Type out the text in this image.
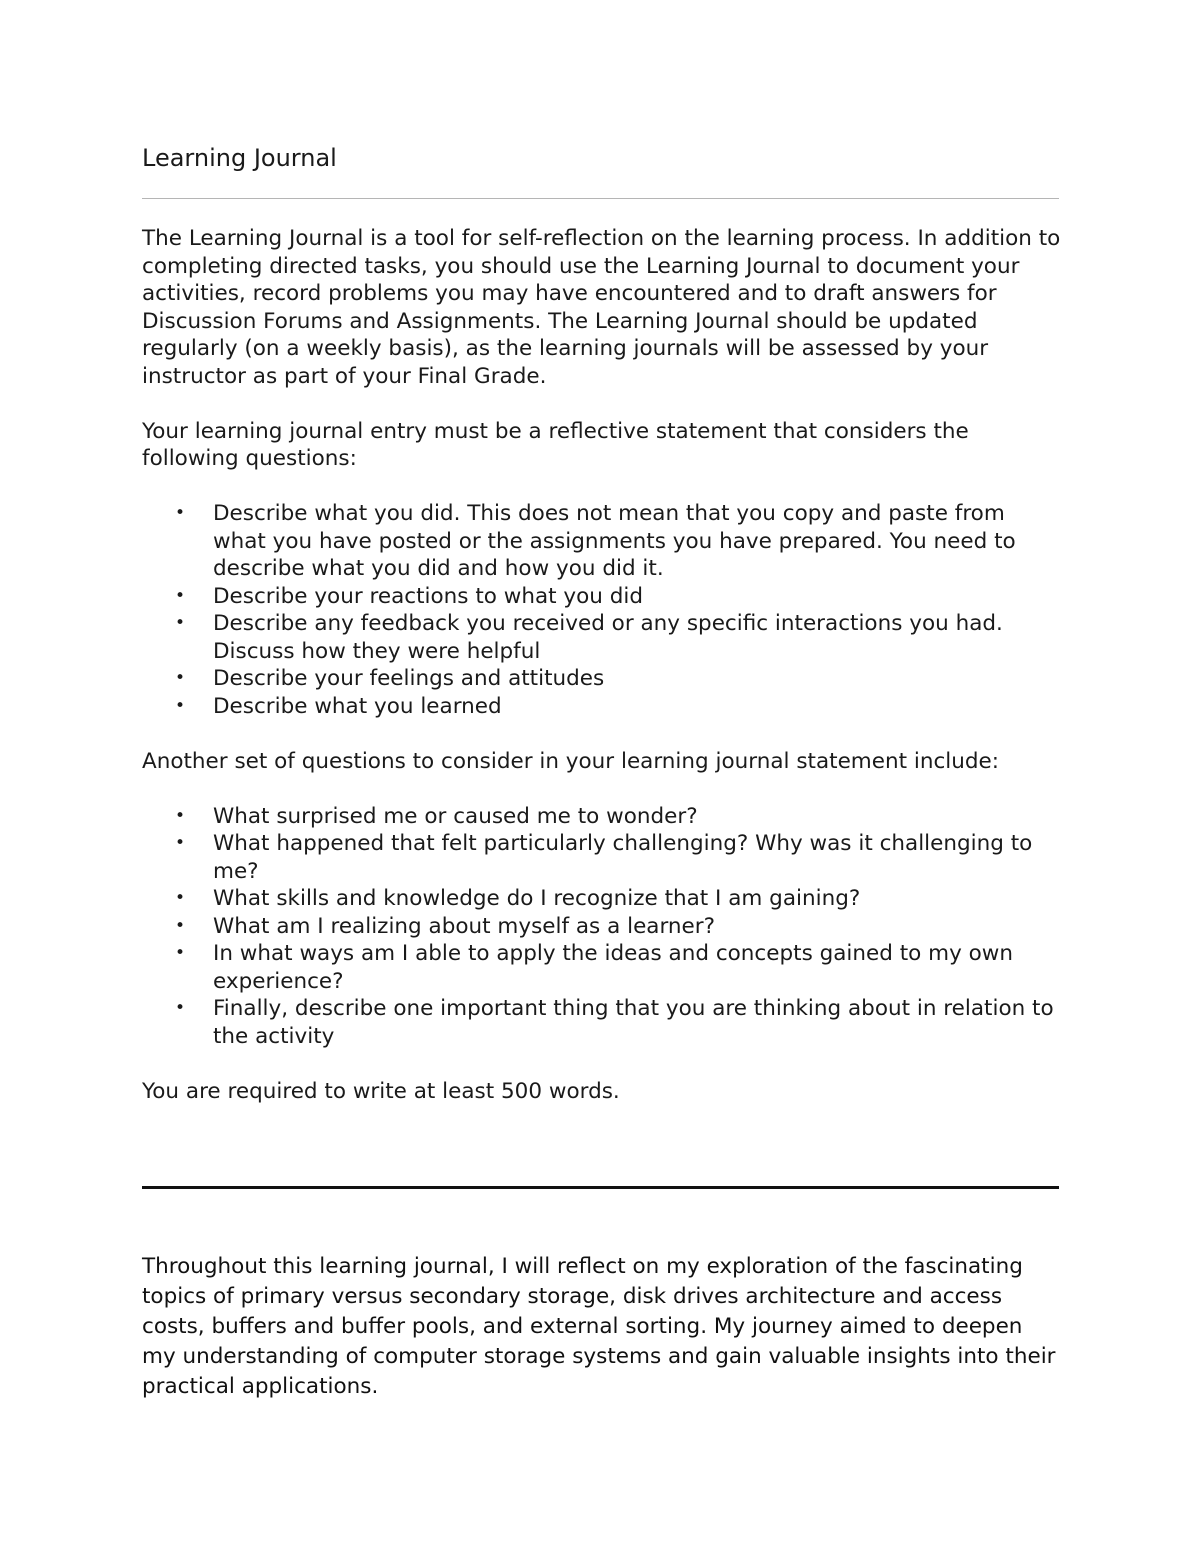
Learning Journal

The Learning Journal is a tool for self-reflection on the learning process. In addition to completing directed tasks, you should use the Learning Journal to document your activities, record problems you may have encountered and to draft answers for Discussion Forums and Assignments. The Learning Journal should be updated regularly (on a weekly basis), as the learning journals will be assessed by your instructor as part of your Final Grade.

Your learning journal entry must be a reflective statement that considers the following questions:

• Describe what you did. This does not mean that you copy and paste from what you have posted or the assignments you have prepared. You need to describe what you did and how you did it.
• Describe your reactions to what you did
• Describe any feedback you received or any specific interactions you had. Discuss how they were helpful
• Describe your feelings and attitudes
• Describe what you learned

Another set of questions to consider in your learning journal statement include:

• What surprised me or caused me to wonder?
• What happened that felt particularly challenging? Why was it challenging to me?
• What skills and knowledge do I recognize that I am gaining?
• What am I realizing about myself as a learner?
• In what ways am I able to apply the ideas and concepts gained to my own experience?
• Finally, describe one important thing that you are thinking about in relation to the activity

You are required to write at least 500 words.

Throughout this learning journal, I will reflect on my exploration of the fascinating topics of primary versus secondary storage, disk drives architecture and access costs, buffers and buffer pools, and external sorting. My journey aimed to deepen my understanding of computer storage systems and gain valuable insights into their practical applications.
